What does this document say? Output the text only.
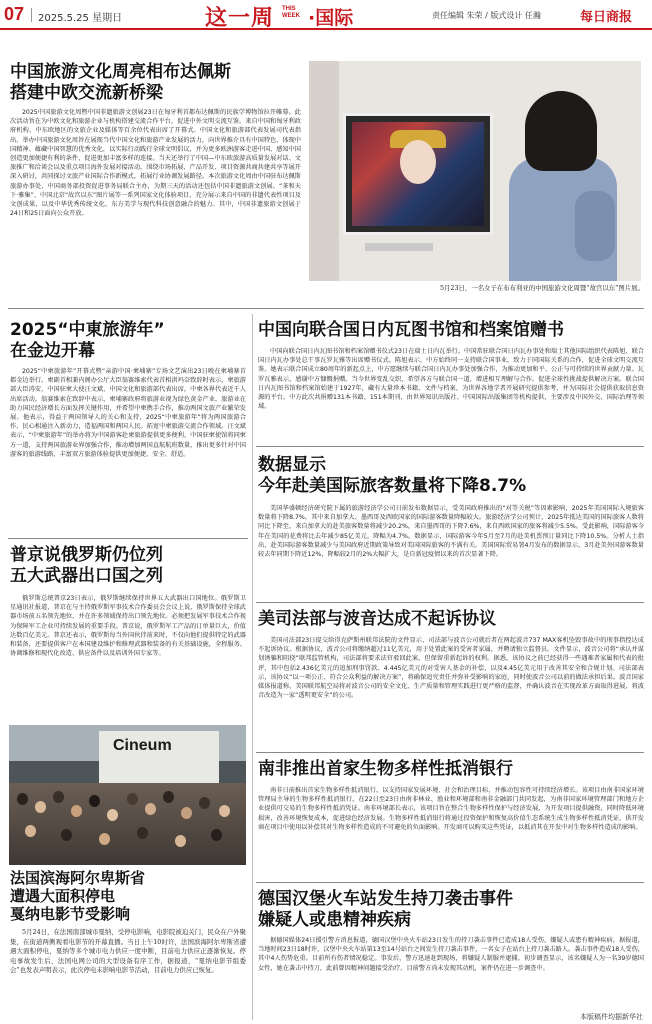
07 2025.5.25 星期日	这一周 THIS WEEK ·国际	责任编辑 朱荣 / 版式设计 任瀚	每日商报
中国旅游文化周亮相布达佩斯
搭建中欧交流新桥梁
2025中国旅游文化周暨中国非遗旅游文创展23日在匈牙利首都布达佩斯的民族学博物馆拉开帷幕。此次活动旨在为中欧文化和旅游企业与机构搭建交流合作平台，促进中外文明交流互鉴。来自中国和匈牙利政府机构、中东欧地区的文旅企业及媒体等百余位代表出席了开幕式。中国文化和旅游部代表发展司代表指出，举办中国旅游文化周旨在展现当代中国文化和旅游产业发展的活力，向世界推介具有中国特色、体现中国精神、蕴藏中国智慧的优秀文化，以实际行动践行全球文明倡议，并为更多欧洲游客走进中国、感知中国创造更加便捷有利的条件，促进更加丰富多样的连接。当天还举行了中国—中东欧旅游高质量发展对话、文旅推广和洽谈会以及重点项目海外发展对接活动，围绕市场拓展、产品开发、项目资源共商共建共享等展开深入研讨，共同探讨文旅产业国际合作新模式，拓展行业协调发展路径。本次旅游文化周由中国驻布达佩斯旅游办事处、中国商务部投资促进事务局联合主办，为期三天的活动还包括中国非遗旅游文创展、“茶和天下·雅集”、中国北京“故宫以东”图片展等一系列国家文化体验项目，充分展示来自中国的非遗代表性项目及文创成果，以及中华优秀传统文化、东方美学与现代科技创意融合的魅力。其中，中国非遗旅游文创展于24日和25日面向公众开放。
5月23日，一名女子在布布利亚的中国旅游文化周暨“故宫以东”图片展。
2025“中東旅游年”
在金边开幕
2025“中柬旅游年”开幕式暨“亲游中国·柬埔寨”专场文艺演出23日晚在柬埔寨首都金边举行。柬副首相兼内阁办公厅大臣翁赛维索代表首相洪玛奈致辞时表示，柬旅游部大臣涛安、中国驻柬大使汪文斌、中国文化和旅游部代表出席，中柬各界代表近千人出席活动。翁赛维索在致辞中表示，柬埔寨政府将旅游业视为绿色黄金产业，旅游业在助力国民经济增长方面发挥关键作用，并希望中柬携手合作，推动两国文旅产业繁荣发展。他表示，得益于两国领导人的关心和支持，2025“中柬旅游年”将为两国旅游合作、民心相通注入新动力，造福两国和两国人民。拓宽中柬旅游交流合作领域。汪文斌表示，“中柬旅游年”的举办将为中国游客赴柬旅游提供更多便利，中国驻柬使馆将同柬方一道，支持两国旅游业界加强合作，推动增加两国直航航班数量，推出更多针对中国游客的旅游线路，丰富双方旅游体验提供更加便捷、安全、舒适。
普京说俄罗斯仍位列
五大武器出口国之列
俄罗斯总统普京23日表示，俄罗斯继续保持世界五大武器出口国地位。俄罗斯卫星通讯社报道，普京在与主持俄罗斯军事技术合作委员会会议上说，俄罗斯保持全球武器市场前五名领先地位，并在许多领域保持出口领先地位。必须把发展军事技术合作视为保障军工企业可持续发展的重要手段。普京说，俄罗斯军工产品的订单量巨大，价值达数百亿美元。普京还表示，俄罗斯每当外国伙伴前来时，不仅向他们提供特定的武器和装备，还要提供客户在本国建设维护和修理武器和装备的有关基础设施，全程服务、协调维修和现代化改造、供应备件以及培训外国专家等。
Cineum
法国滨海阿尔卑斯省
遭遇大面积停电
戛纳电影节受影响
5月24日，在法国南部城市戛纳，受停电影响，电影院被迫关门，民众在户外聚集，在街道两侧观看电影节的开幕直播。当日上午10时许，法国滨海阿尔卑斯省遭遇大面积停电，戛纳等多个城市电力供应一度中断，目前电力供应正逐渐恢复。停电事故发生后，法国电网公司的大型设备有序工作，据报道，“戛纳电影节组委会”也发表声明表示，此次停电未影响电影节活动，目前电力供应已恢复。
中国向联合国日内瓦图书馆和档案馆赠书
中国向联合国日内瓦图书馆和档案馆赠书仪式23日在瑞士日内瓦举行。中国常驻联合国日内瓦办事处和瑞士其他国际组织代表陈旭、联合国日内瓦办事处总干事瓦罗瓦雅等出席赠书仪式。陈旭表示，中方始终同一支持联合国事业，致力于同国际关系的合作，促进全球文明交流互鉴。她表示联合国成立80周年的新起点上，中方愿继续与联合国日内瓦办事处加强合作，为推动更加和平、公正与可持续的世界贡献力量。瓦罗瓦雅表示，感谢中方慷慨捐赠。当今世界变乱交织，希望各方与联合国一道，增进相互理解与合作，促进全球性挑战提供解决方案。联合国日内瓦图书馆和档案馆始建于1927年，藏有大量珍本书籍、文件与档案，为世界各地学者开展研究提供参考，并为国际社会提供获取信息资源的平台。中方此次共捐赠131本书籍、151本期刊，由世界知识出版社、中国国际出版集团等机构提供，主要涉及中国外交、国际治理等领域。
数据显示
今年赴美国际旅客数量将下降8.7%
美国华盛顿经济研究院下属的旅游经济学公司日前发布数据显示，受美国政府推出的“对等关税”等因素影响，2025年美国国际入境旅客数量将下降8.7%，其中来自加拿大、墨西哥及西欧国家的国际游客数量降幅较大。旅游经济学公司预计，2025年抵达美国的国际旅客人数将同比下降至，来自加拿大的赴美旅客数量将减少20.2%，来自墨西哥的下降7.6%，来自西欧国家的旅客将减少5.5%。受此影响，国际游客今年在美国的花费将比去年减少85亿美元，降幅为4.7%。数据显示，国际游客今年5月至7月的赴美机票预订量同比下降10.5%。分析人士指出，赴美国际游客数量减少与美国政府近期政策导致对美国国际旅客的不满有关。美国国际贸易署4月发布的数据显示，3月赴美外国游客数量较去年同期下降近12%，降幅较2月的2%大幅扩大，是自新冠疫情以来的首次显著下降。
美司法部与波音达成不起诉协议
美国司法部23日提交给得克萨斯州联邦法院的文件显示，司法部与波音公司就后者在两起波音737 MAX客机坠毁事故中的刑事指控达成不起诉协议。根据协议，波音公司将缴纳超过11亿美元，用于处置此案的受害者家属，并聘请独立监督员。文件显示，波音公司将“承认并谋划诱骗和阻挠”联邦监管机构，司法部将要求法官驳回此案，但保留重新起诉的权利。据悉，该协议之前已经获得一些遇难者家属和代表的批评，其中包括2.436亿美元的追加刑事罚款、4.445亿美元的对受害人基金的补偿，以及4.45亿美元用于改善其安全和合规计划。司法部表示，该协议“以一项公正、符合公众利益的解决方案”，将确保追究责任并弥补受影响的家庭，同时使波音公司以前的做法承担后果。波音国家媒体报道称，美国联邦航空局将对波音公司的安全文化、生产质量和管理实践进行更严格的监督，并确认波音在实现改革方面取得进展，将波音改造为一家“透明更安全”的公司。
南非推出首家生物多样性抵消银行
南非日前推出首家生物多样性抵消银行，以支持国家发展环境、社会和治理目标，并推动包容性可持续经济增长。该项目由南非国家环境管理局主导的生物多样性抵消银行，在22日至23日由南非林业、渔业和环境部和南非金融部门共同发起，为南非国家环境管理部门和地方企业提供可交易的生物多样性抵消凭证。南非环境部长表示，该项目旨在整合生物多样性保护与经济发展，为开发项目提供融资，同时降低环境损害，改善环境恢复成本，促进绿色经济发展。生物多样性抵消银行将通过投资保护和恢复高价值生态系统生成生物多样性抵消凭证，供开发商在项目中使用以补偿其对生物多样性造成的不可避免的负面影响。开发商可以购买这些凭证，以抵消其在开发中对生物多样性造成的影响。
德国汉堡火车站发生持刀袭击事件
嫌疑人或患精神疾病
据德国媒体24日援引警方消息报道，德国汉堡中央火车站23日发生的持刀袭击事件已造成18人受伤，嫌疑人或患有精神疾病。据报道，当地时间23日18时许，汉堡中央火车站第13至14号站台之间发生持刀袭击事件，一名女子在站台上持刀袭击路人。袭击事件造成18人受伤，其中4人伤势危重。目前所有伤者情况稳定。事发后，警方迅速赶到现场，将嫌疑人制服并逮捕。初步调查显示，该名嫌疑人为一名39岁德国女性，她在袭击中持刀，此前曾因精神问题接受治疗。目前警方尚未发现其动机，案件仍在进一步调查中。
本版稿件均据新华社
